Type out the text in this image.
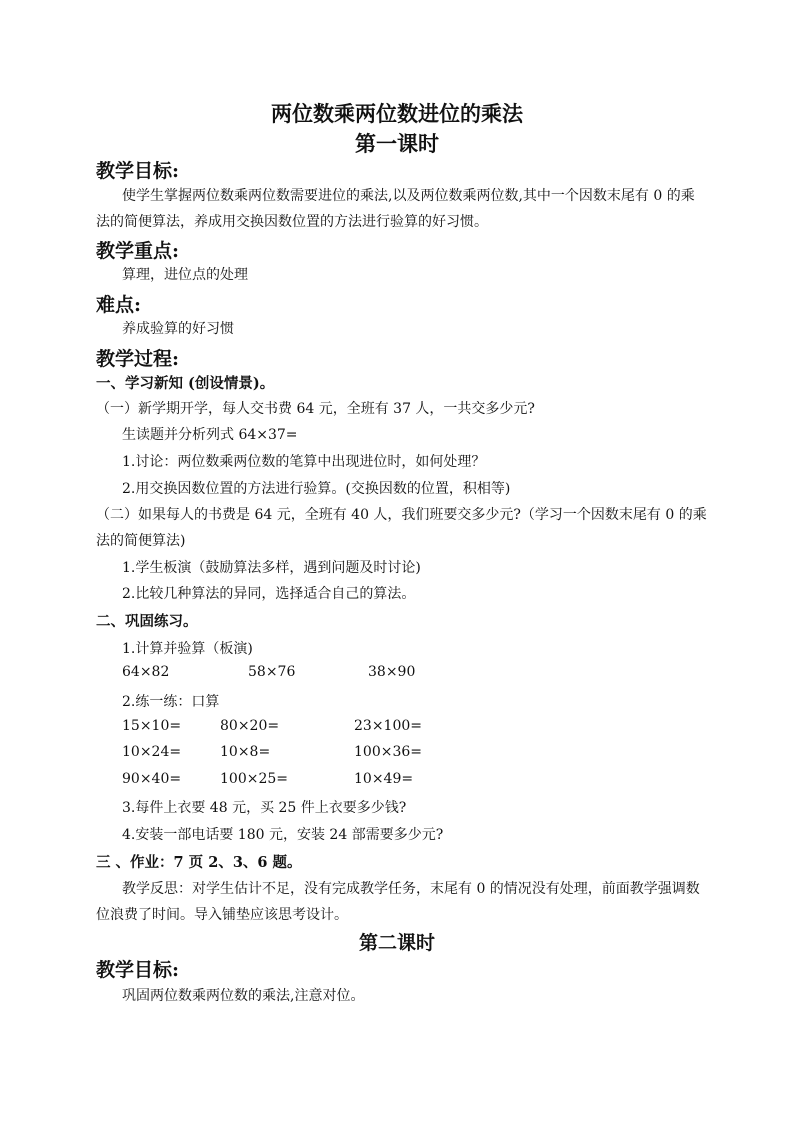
两位数乘两位数进位的乘法
第一课时
教学目标:
使学生掌握两位数乘两位数需要进位的乘法,以及两位数乘两位数,其中一个因数末尾有 0 的乘
法的简便算法，养成用交换因数位置的方法进行验算的好习惯。
教学重点:
算理，进位点的处理
难点:
养成验算的好习惯
教学过程:
一、学习新知 (创设情景)。
（一）新学期开学，每人交书费 64 元，全班有 37 人，一共交多少元?
生读题并分析列式 64×37=
1.讨论：两位数乘两位数的笔算中出现进位时，如何处理？
2.用交换因数位置的方法进行验算。(交换因数的位置，积相等)
（二）如果每人的书费是 64 元，全班有 40 人，我们班要交多少元?（学习一个因数末尾有 0 的乘
法的简便算法)
1.学生板演（鼓励算法多样，遇到问题及时讨论)
2.比较几种算法的异同，选择适合自己的算法。
二、巩固练习。
1.计算并验算（板演)
64×82	58×76	38×90
2.练一练：口算
15×10=	80×20=	23×100=
10×24=	10×8=	100×36=
90×40=	100×25=	10×49=
3.每件上衣要 48 元，买 25 件上衣要多少钱?
4.安装一部电话要 180 元，安装 24 部需要多少元?
三 、作业：7 页 2、3、6 题。
教学反思：对学生估计不足，没有完成教学任务，末尾有 0 的情况没有处理，前面教学强调数
位浪费了时间。导入铺垫应该思考设计。
第二课时
教学目标:
巩固两位数乘两位数的乘法,注意对位。
